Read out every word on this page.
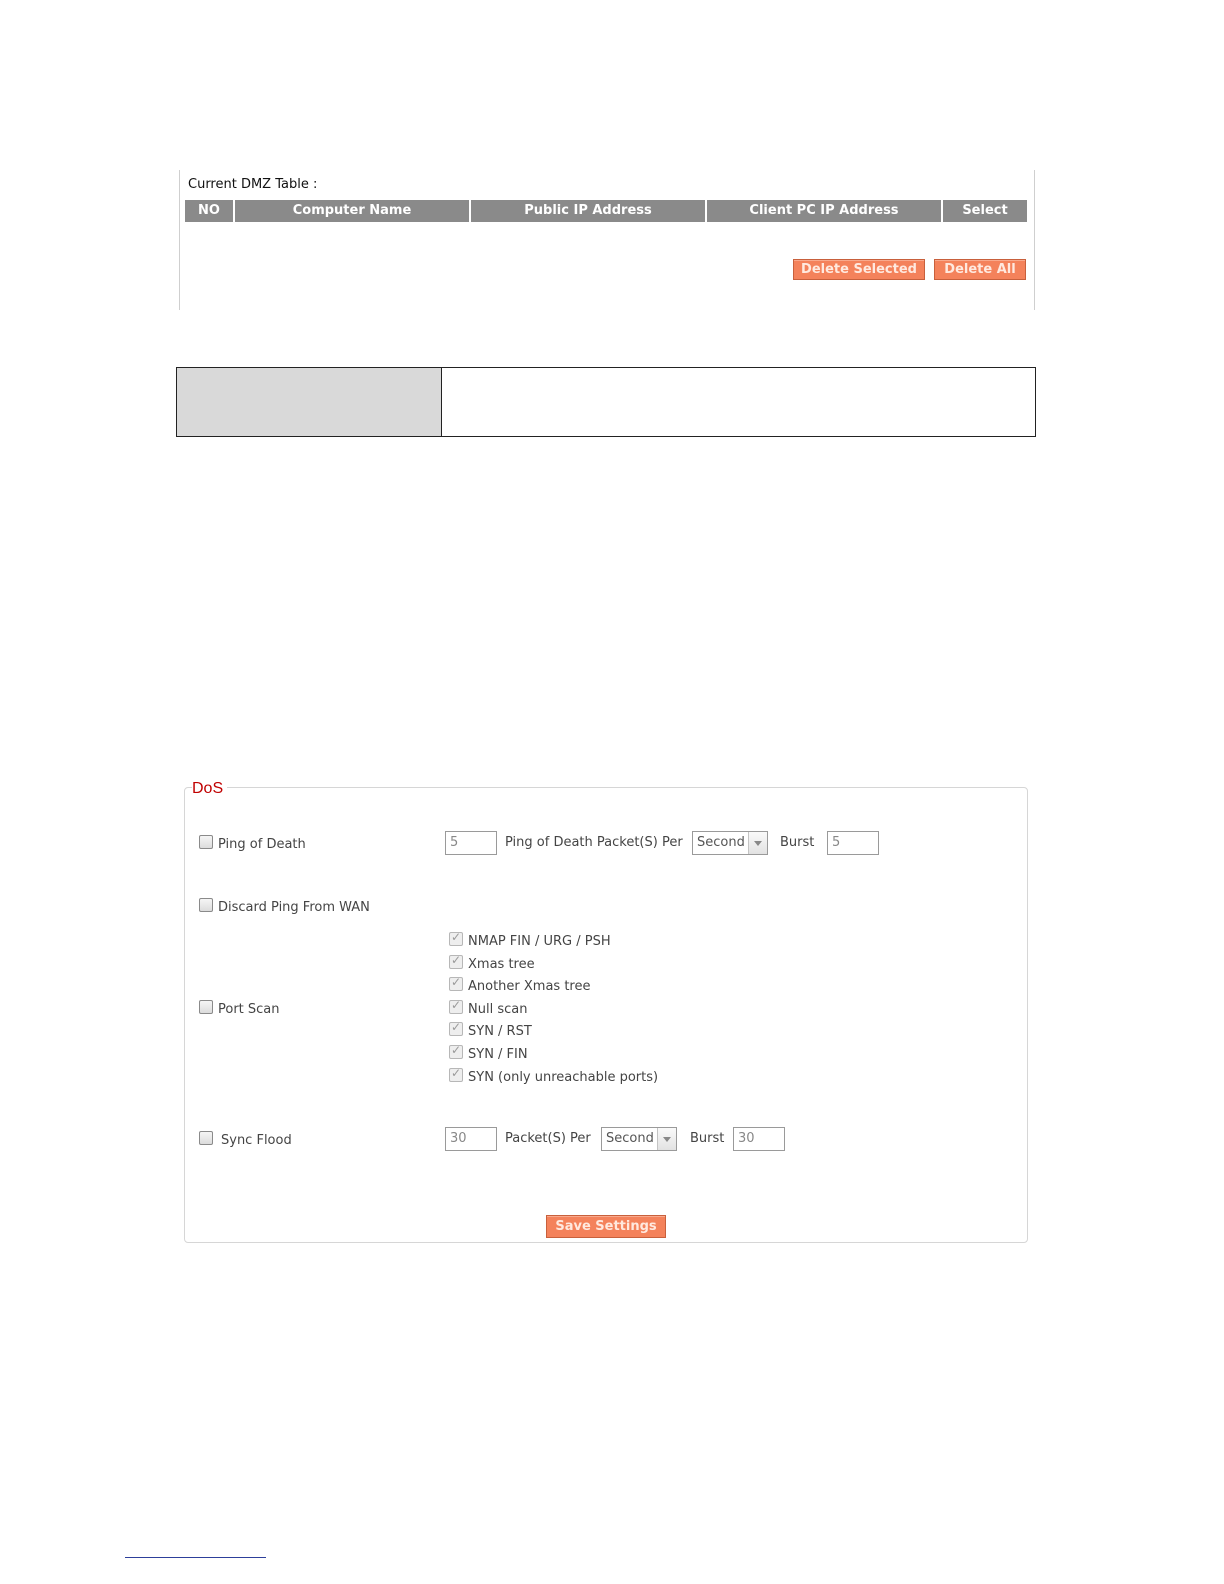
Current DMZ Table :
NO	Computer Name	Public IP Address	Client PC IP Address	Select
Delete Selected	Delete All
DoS
Ping of Death	5	Ping of Death Packet(S) Per	Second	Burst	5
Discard Ping From WAN
Port Scan
✓
NMAP FIN / URG / PSH
✓
Xmas tree
✓
Another Xmas tree
✓
Null scan
✓
SYN / RST
✓
SYN / FIN
✓
SYN (only unreachable ports)
Sync Flood	30	Packet(S) Per	Second	Burst	30
Save Settings
